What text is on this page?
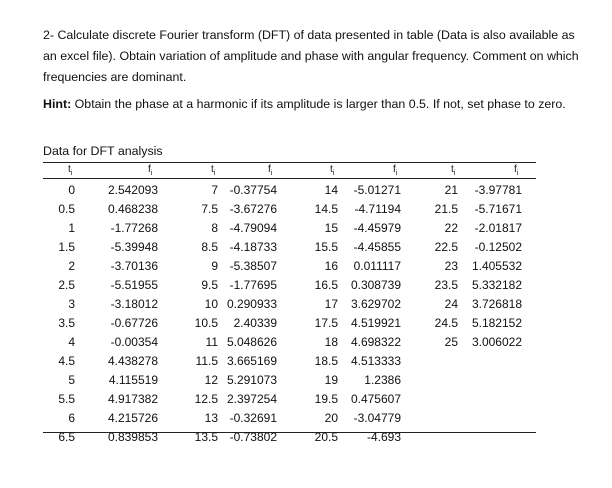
2- Calculate discrete Fourier transform (DFT) of data presented in table (Data is also available as an excel file). Obtain variation of amplitude and phase with angular frequency. Comment on which frequencies are dominant.

Hint: Obtain the phase at a harmonic if its amplitude is larger than 0.5. If not, set phase to zero.

Data for DFT analysis

$t_i$	$f_i$
0	2.542093
0.5	0.468238
1	-1.77268
1.5	-5.39948
2	-3.70136
2.5	-5.51955
3	-3.18012
3.5	-0.67726
4	-0.00354
4.5	4.438278
5	4.115519
5.5	4.917382
6	4.215726
6.5	0.839853
$t_i$	$f_i$
7 -0.37754
7.5 -3.67276
8 -4.79094
8.5 -4.18733
9 -5.38507
9.5 -1.77695
10 0.290933
10.5 2.40339
11 5.048626
11.5 3.665169
12 5.291073
12.5 2.397254
13 -0.32691
13.5 -0.73802
$t_i$	$f_i$
14 -5.01271
14.5 -4.71194
15 -4.45979
15.5 -4.45855
16 0.011117
16.5 0.308739
17 3.629702
17.5 4.519921
18 4.698322
18.5 4.513333
19 1.2386
19.5 0.475607
20 -3.04779
20.5 -4.693
$t_i$	$f_i$
21 -3.97781
21.5 -5.71671
22 -2.01817
22.5 -0.12502
23 1.405532
23.5 5.332182
24 3.726818
24.5 5.182152
25 3.006022
